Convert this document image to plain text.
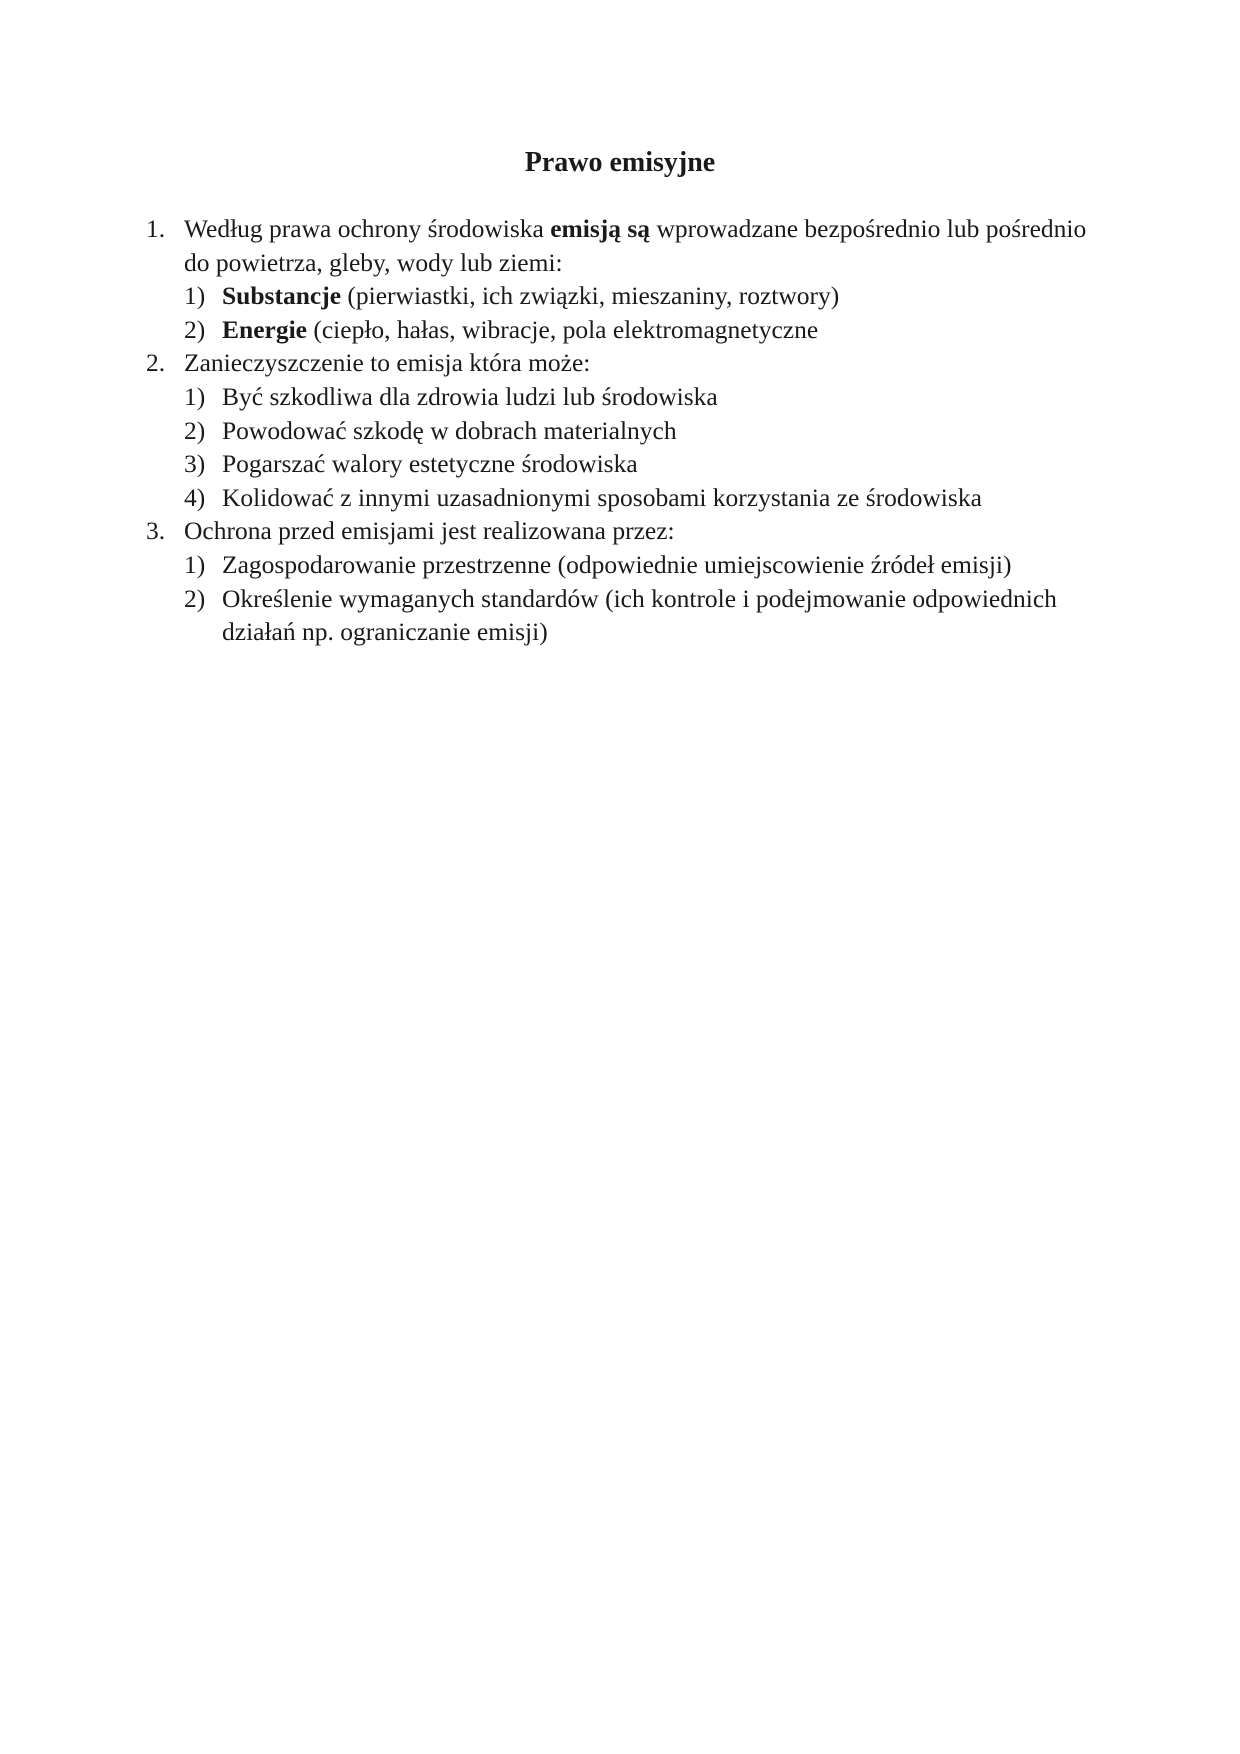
Prawo emisyjne
1. Według prawa ochrony środowiska emisją są wprowadzane bezpośrednio lub pośrednio do powietrza, gleby, wody lub ziemi:
1) Substancje (pierwiastki, ich związki, mieszaniny, roztwory)
2) Energie (ciepło, hałas, wibracje, pola elektromagnetyczne
2. Zanieczyszczenie to emisja która może:
1) Być szkodliwa dla zdrowia ludzi lub środowiska
2) Powodować szkodę w dobrach materialnych
3) Pogarszać walory estetyczne środowiska
4) Kolidować z innymi uzasadnionymi sposobami korzystania ze środowiska
3. Ochrona przed emisjami jest realizowana przez:
1) Zagospodarowanie przestrzenne (odpowiednie umiejscowienie źródeł emisji)
2) Określenie wymaganych standardów (ich kontrole i podejmowanie odpowiednich działań np. ograniczanie emisji)
